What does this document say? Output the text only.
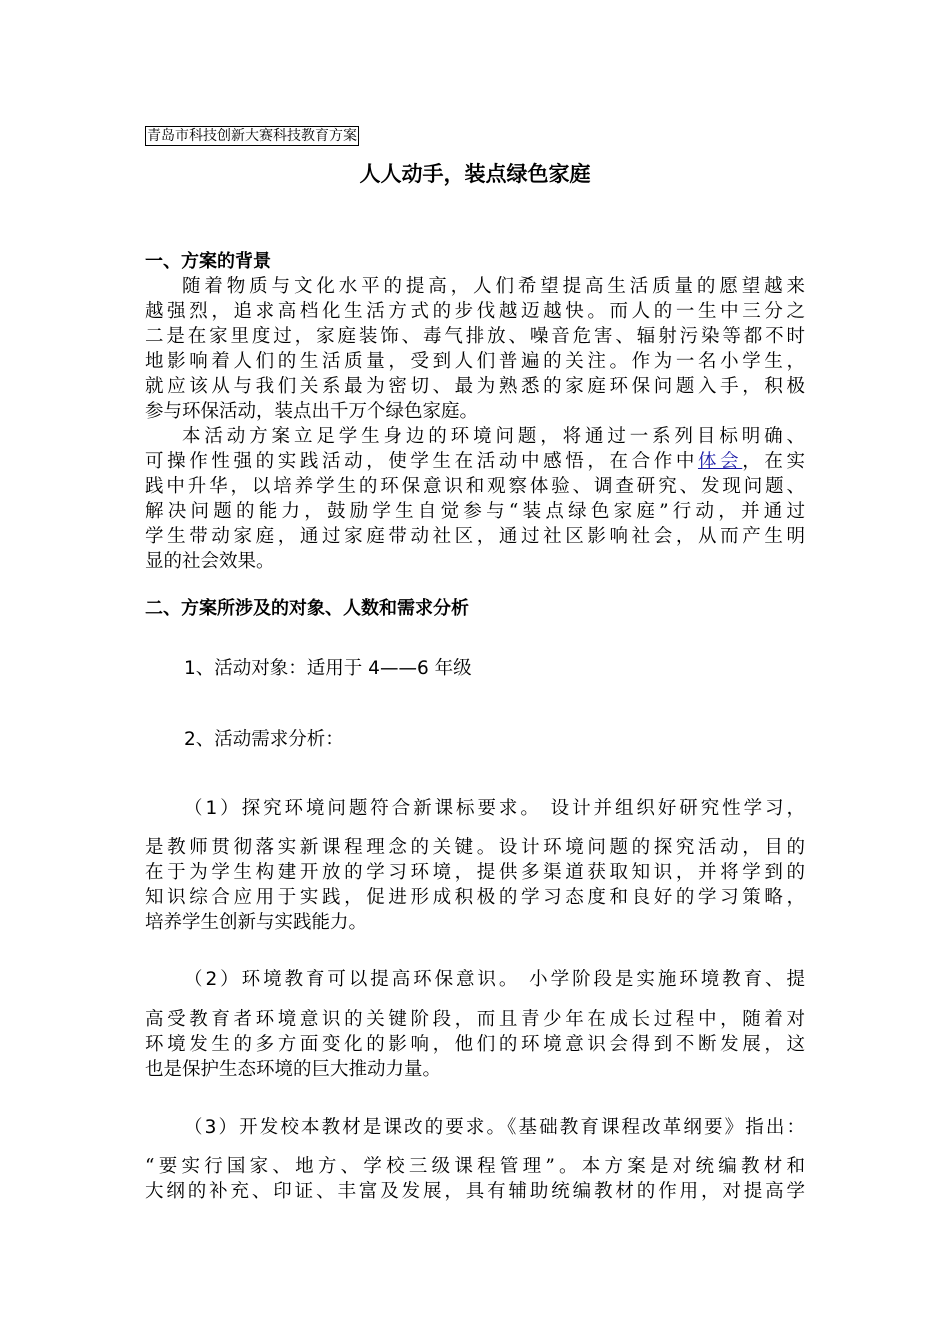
青岛市科技创新大赛科技教育方案
人人动手，装点绿色家庭
一、方案的背景
随着物质与文化水平的提高，人们希望提高生活质量的愿望越来
越强烈，追求高档化生活方式的步伐越迈越快。而人的一生中三分之
二是在家里度过，家庭装饰、毒气排放、噪音危害、辐射污染等都不时
地影响着人们的生活质量，受到人们普遍的关注。作为一名小学生，
就应该从与我们关系最为密切、最为熟悉的家庭环保问题入手，积极
参与环保活动，装点出千万个绿色家庭。
本活动方案立足学生身边的环境问题，将通过一系列目标明确、
可操作性强的实践活动，使学生在活动中感悟，在合作中体会，在实
践中升华，以培养学生的环保意识和观察体验、调查研究、发现问题、
解决问题的能力，鼓励学生自觉参与“装点绿色家庭”行动，并通过
学生带动家庭，通过家庭带动社区，通过社区影响社会，从而产生明
显的社会效果。
二、方案所涉及的对象、人数和需求分析
1、活动对象：适用于 4——6 年级
2、活动需求分析：
（1）探究环境问题符合新课标要求。 设计并组织好研究性学习，
是教师贯彻落实新课程理念的关键。设计环境问题的探究活动，目的
在于为学生构建开放的学习环境，提供多渠道获取知识，并将学到的
知识综合应用于实践，促进形成积极的学习态度和良好的学习策略，
培养学生创新与实践能力。
（2）环境教育可以提高环保意识。 小学阶段是实施环境教育、提
高受教育者环境意识的关键阶段，而且青少年在成长过程中，随着对
环境发生的多方面变化的影响，他们的环境意识会得到不断发展，这
也是保护生态环境的巨大推动力量。
（3）开发校本教材是课改的要求。《基础教育课程改革纲要》指出：
“要实行国家、地方、学校三级课程管理”。本方案是对统编教材和
大纲的补充、印证、丰富及发展，具有辅助统编教材的作用，对提高学
